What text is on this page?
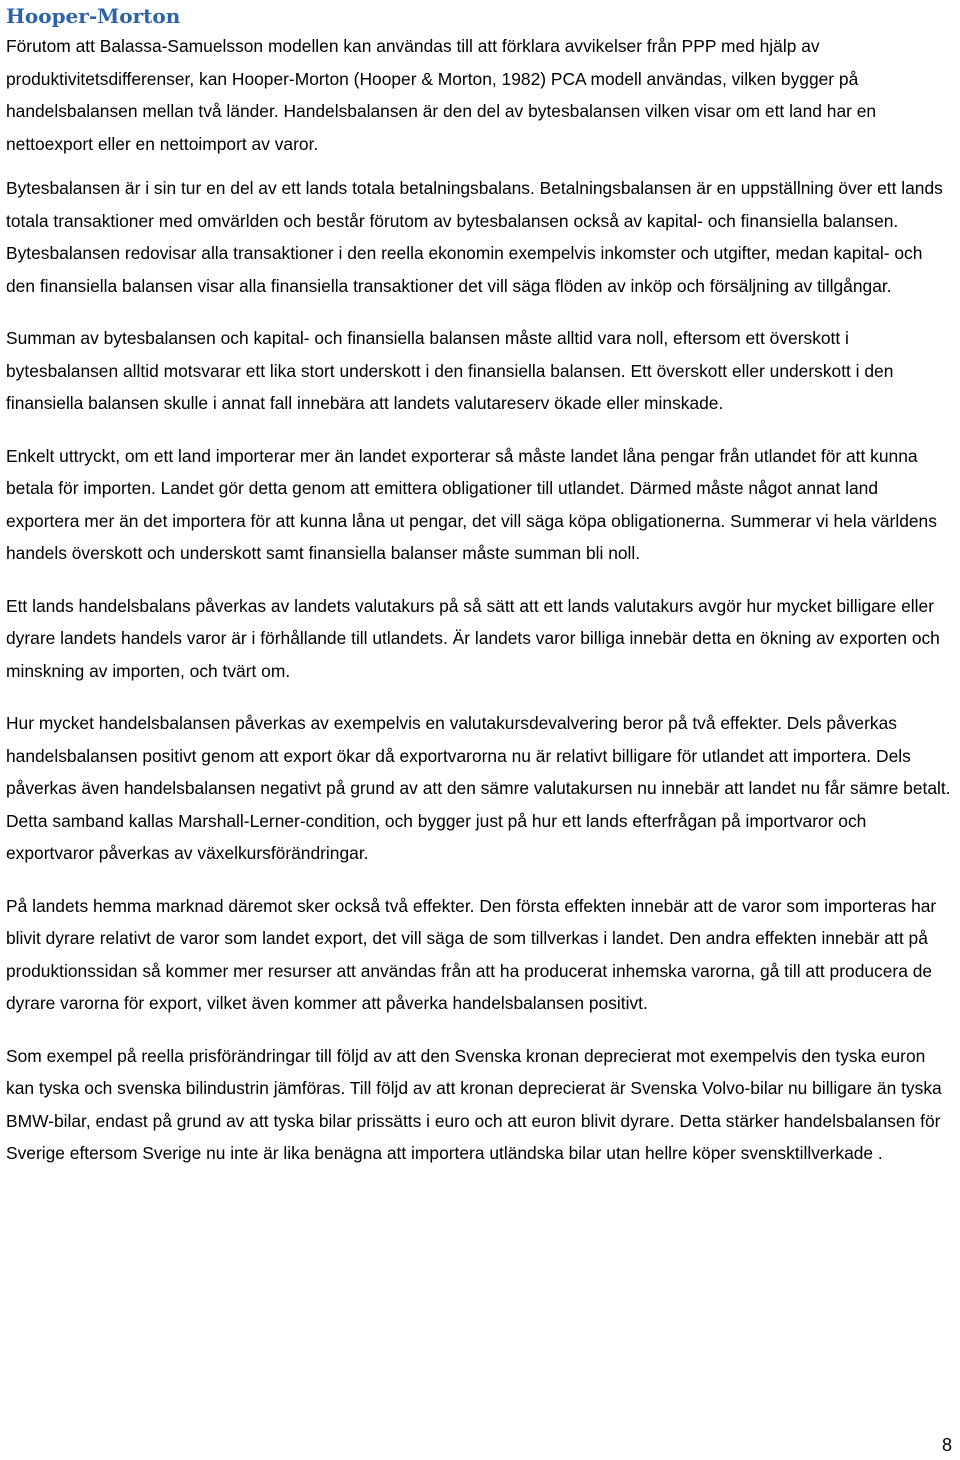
Hooper-Morton

Förutom att Balassa-Samuelsson modellen kan användas till att förklara avvikelser från PPP med hjälp av produktivitetsdifferenser, kan Hooper-Morton (Hooper & Morton, 1982) PCA modell användas, vilken bygger på handelsbalansen mellan två länder. Handelsbalansen är den del av bytesbalansen vilken visar om ett land har en nettoexport eller en nettoimport av varor.

Bytesbalansen är i sin tur en del av ett lands totala betalningsbalans. Betalningsbalansen är en uppställning över ett lands totala transaktioner med omvärlden och består förutom av bytesbalansen också av kapital- och finansiella balansen. Bytesbalansen redovisar alla transaktioner i den reella ekonomin exempelvis inkomster och utgifter, medan kapital- och den finansiella balansen visar alla finansiella transaktioner det vill säga flöden av inköp och försäljning av tillgångar.

Summan av bytesbalansen och kapital- och finansiella balansen måste alltid vara noll, eftersom ett överskott i bytesbalansen alltid motsvarar ett lika stort underskott i den finansiella balansen. Ett överskott eller underskott i den finansiella balansen skulle i annat fall innebära att landets valutareserv ökade eller minskade.

Enkelt uttryckt, om ett land importerar mer än landet exporterar så måste landet låna pengar från utlandet för att kunna betala för importen. Landet gör detta genom att emittera obligationer till utlandet. Därmed måste något annat land exportera mer än det importera för att kunna låna ut pengar, det vill säga köpa obligationerna. Summerar vi hela världens handels överskott och underskott samt finansiella balanser måste summan bli noll.

Ett lands handelsbalans påverkas av landets valutakurs på så sätt att ett lands valutakurs avgör hur mycket billigare eller dyrare landets handels varor är i förhållande till utlandets. Är landets varor billiga innebär detta en ökning av exporten och minskning av importen, och tvärt om.

Hur mycket handelsbalansen påverkas av exempelvis en valutakursdevalvering beror på två effekter. Dels påverkas handelsbalansen positivt genom att export ökar då exportvarorna nu är relativt billigare för utlandet att importera. Dels påverkas även handelsbalansen negativt på grund av att den sämre valutakursen nu innebär att landet nu får sämre betalt. Detta samband kallas Marshall-Lerner-condition, och bygger just på hur ett lands efterfrågan på importvaror och exportvaror påverkas av växelkursförändringar.

På landets hemma marknad däremot sker också två effekter. Den första effekten innebär att de varor som importeras har blivit dyrare relativt de varor som landet export, det vill säga de som tillverkas i landet. Den andra effekten innebär att på produktionssidan så kommer mer resurser att användas från att ha producerat inhemska varorna, gå till att producera de dyrare varorna för export, vilket även kommer att påverka handelsbalansen positivt.

Som exempel på reella prisförändringar till följd av att den Svenska kronan deprecierat mot exempelvis den tyska euron kan tyska och svenska bilindustrin jämföras. Till följd av att kronan deprecierat är Svenska Volvo-bilar nu billigare än tyska BMW-bilar, endast på grund av att tyska bilar prissätts i euro och att euron blivit dyrare. Detta stärker handelsbalansen för Sverige eftersom Sverige nu inte är lika benägna att importera utländska bilar utan hellre köper svensktillverkade .

8
